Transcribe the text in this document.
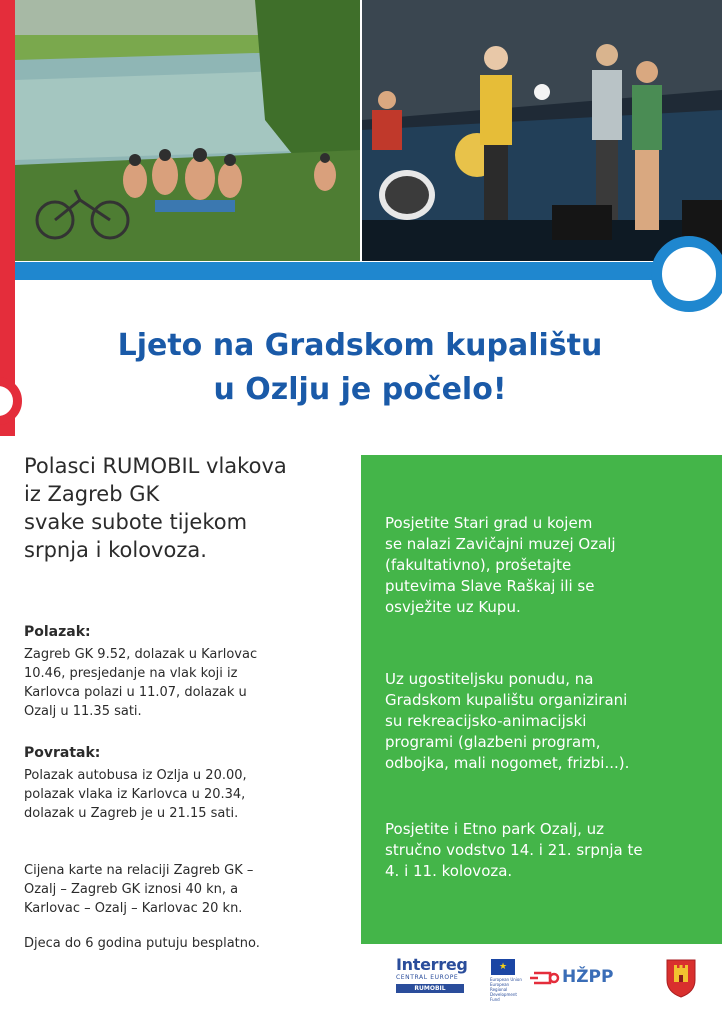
Ljeto na Gradskom kupalištu
u Ozlju je počelo!

Polasci RUMOBIL vlakova
iz Zagreb GK
svake subote tijekom
srpnja i kolovoza.

Polazak:

Zagreb GK 9.52, dolazak u Karlovac
10.46, presjedanje na vlak koji iz
Karlovca polazi u 11.07, dolazak u
Ozalj u 11.35 sati.

Povratak:

Polazak autobusa iz Ozlja u 20.00,
polazak vlaka iz Karlovca u 20.34,
dolazak u Zagreb je u 21.15 sati.

Cijena karte na relaciji Zagreb GK –
Ozalj – Zagreb GK iznosi 40 kn, a
Karlovac – Ozalj – Karlovac 20 kn.

Djeca do 6 godina putuju besplatno.

Posjetite Stari grad u kojem
se nalazi Zavičajni muzej Ozalj
(fakultativno), prošetajte
putevima Slave Raškaj ili se
osvježite uz Kupu.

Uz ugostiteljsku ponudu, na
Gradskom kupalištu organizirani
su rekreacijsko-animacijski
programi (glazbeni program,
odbojka, mali nogomet, frizbi...).

Posjetite i Etno park Ozalj, uz
stručno vodstvo 14. i 21. srpnja te
4. i 11. kolovoza.

Interreg
CENTRAL EUROPE
RUMOBIL
★
European Union European Regional Development Fund
HŽPP
